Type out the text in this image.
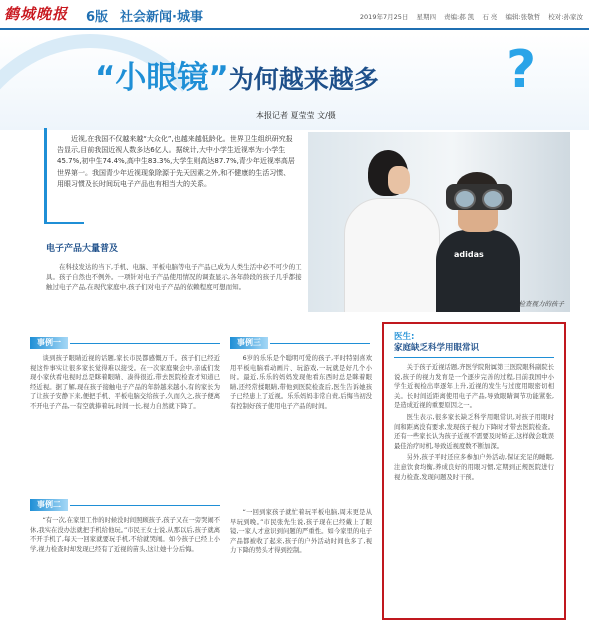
鹤城晚报 6版 社会新闻·城事	2019年7月25日 星期四 责编:郝 凯 石 亮 编辑:张敬哲 校对:孙家汝
“小眼镜”为何越来越多 ?
本报记者 夏莹莹 文/摄

近视,在我国不仅越来越“大众化”,也越来越低龄化。世界卫生组织研究报告显示,目前我国近视人数多达6亿人。据统计,大中小学生近视率为:小学生45.7%,初中生74.4%,高中生83.3%,大学生则高达87.7%,青少年近视率高居世界第一。我国青少年近视现象除源于先天因素之外,和不健康的生活习惯、用眼习惯及长时间玩电子产品也有相当大的关系。

adidas
检查视力的孩子
电子产品大量普及

在科技发达的当下,手机、电脑、平板电脑等电子产品已成为人类生活中必不可少的工具。孩子自然也不例外。一项针对电子产品使用情况的调查显示,各年龄段的孩子几乎都接触过电子产品,在现代家庭中,孩子们对电子产品的依赖程度可想而知。

事例一

谈到孩子眼睛近视的话题,家长市民都感慨万千。孩子们已经近视这件事实让很多家长觉得难以接受。在一次家庭聚会中,亲戚们发现小家伙看电视时总是眯着眼睛、凑得很近,带去医院检查才知道已经近视。据了解,现在孩子接触电子产品的年龄越来越小,有的家长为了让孩子安静下来,便把手机、平板电脑交给孩子,久而久之,孩子便离不开电子产品,一有空就捧着玩,时间一长,视力自然就下降了。

事例二

“有一次,在家里工作的时候没时间照顾孩子,孩子又在一旁哭闹不休,我实在没办法就把手机给他玩。”市民王女士说,从那以后,孩子就离不开手机了,每天一回家就要玩手机,不给就哭闹。如今孩子已经上小学,视力检查时却发现已经有了近视的苗头,这让她十分后悔。

事例三

6岁的乐乐是个聪明可爱的孩子,平时特别喜欢用平板电脑看动画片、玩游戏,一玩就是好几个小时。最近,乐乐的妈妈发现他看东西时总是眯着眼睛,还经常揉眼睛,带他到医院检查后,医生告诉她孩子已经患上了近视。乐乐妈妈非常自责,后悔当初没有控制好孩子使用电子产品的时间。

“一回到家孩子就忙着玩平板电脑,周末更是从早玩到晚。”市民张先生说,孩子现在已经戴上了眼镜,一家人才意识到问题的严重性。如今家里的电子产品都被收了起来,孩子的户外活动时间也多了,视力下降的势头才得到控制。

医生:
家庭缺乏科学用眼常识

关于孩子近视话题,齐医学院附属第三医院眼科副院长说,孩子的视力发育是一个逐步完善的过程,目前我国中小学生近视检出率逐年上升,近视的发生与过度用眼密切相关。长时间近距离使用电子产品,导致眼睛调节功能紧张,是造成近视的重要原因之一。

医生表示,很多家长缺乏科学用眼常识,对孩子用眼时间和距离没有要求,发现孩子视力下降时才带去医院检查。还有一些家长认为孩子近视不需要及时矫正,这样做会耽误最佳治疗时机,导致近视度数不断加深。

另外,孩子平时还应多参加户外活动,保证充足的睡眠,注意饮食均衡,养成良好的用眼习惯,定期到正规医院进行视力检查,发现问题及时干预。
